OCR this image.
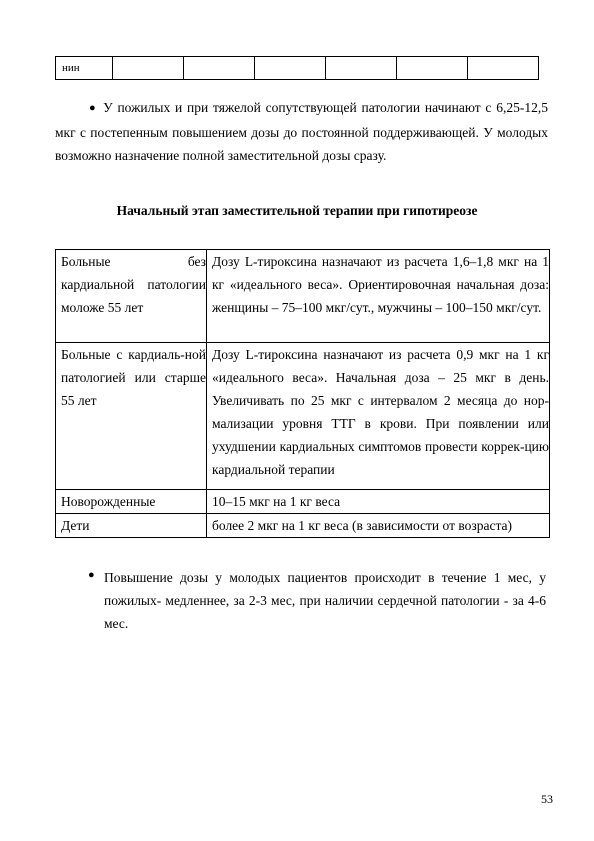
нин							
● У пожилых и при тяжелой сопутствующей патологии начинают с 6,25-12,5 мкг с постепенным повышением дозы до постоянной поддерживающей. У молодых возможно назначение полной заместительной дозы сразу.
Начальный этап заместительной терапии при гипотиреозе
Больные без кардиальной патологии моложе 55 лет	Дозу L-тироксина назначают из расчета 1,6–1,8 мкг на 1 кг «идеального веса». Ориентировочная начальная доза: женщины – 75–100 мкг/сут., мужчины – 100–150 мкг/сут.
Больные с кардиаль-ной патологией или старше 55 лет	Дозу L-тироксина назначают из расчета 0,9 мкг на 1 кг «идеального веса». Начальная доза – 25 мкг в день. Увеличивать по 25 мкг с интервалом 2 месяца до нор-мализации уровня ТТГ в крови. При появлении или ухудшении кардиальных симптомов провести коррек-цию кардиальной терапии
Новорожденные	10–15 мкг на 1 кг веса
Дети	более 2 мкг на 1 кг веса (в зависимости от возраста)
● Повышение дозы у молодых пациентов происходит в течение 1 мес, у пожилых- медленнее, за 2-3 мес, при наличии сердечной патологии - за 4-6 мес.
53
